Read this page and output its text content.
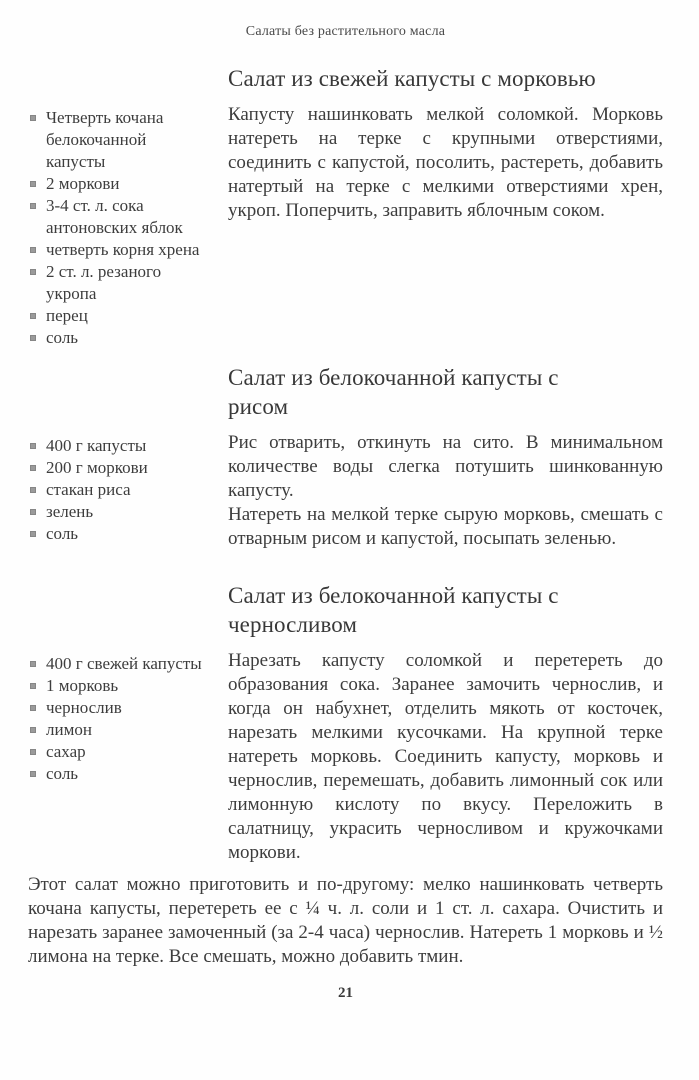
Салаты без растительного масла
Салат из свежей капусты с морковью
Четверть кочана белокочанной капусты
2 моркови
3-4 ст. л. сока антоновских яблок
четверть корня хрена
2 ст. л. резаного укропа
перец
соль

Капусту нашинковать мелкой соломкой. Морковь натереть на терке с крупными отверстиями, соединить с капустой, посолить, растереть, добавить натертый на терке с мелкими отверстиями хрен, укроп. Поперчить, заправить яблочным соком.

Салат из белокочанной капусты с рисом
400 г капусты
200 г моркови
стакан риса
зелень
соль

Рис отварить, откинуть на сито. В минимальном количестве воды слегка потушить шинкованную капусту.

Натереть на мелкой терке сырую морковь, смешать с отварным рисом и капустой, посыпать зеленью.

Салат из белокочанной капусты с черносливом
400 г свежей капусты
1 морковь
чернослив
лимон
сахар
соль

Нарезать капусту соломкой и перетереть до образования сока. Заранее замочить чернослив, и когда он набухнет, отделить мякоть от косточек, нарезать мелкими кусочками. На крупной терке натереть морковь. Соединить капусту, морковь и чернослив, перемешать, добавить лимонный сок или лимонную кислоту по вкусу. Переложить в салатницу, украсить черносливом и кружочками моркови.

Этот салат можно приготовить и по-другому: мелко нашинковать четверть кочана капусты, перетереть ее с ¼ ч. л. соли и 1 ст. л. сахара. Очистить и нарезать заранее замоченный (за 2-4 часа) чернослив. Натереть 1 морковь и ½ лимона на терке. Все смешать, можно добавить тмин.

21
